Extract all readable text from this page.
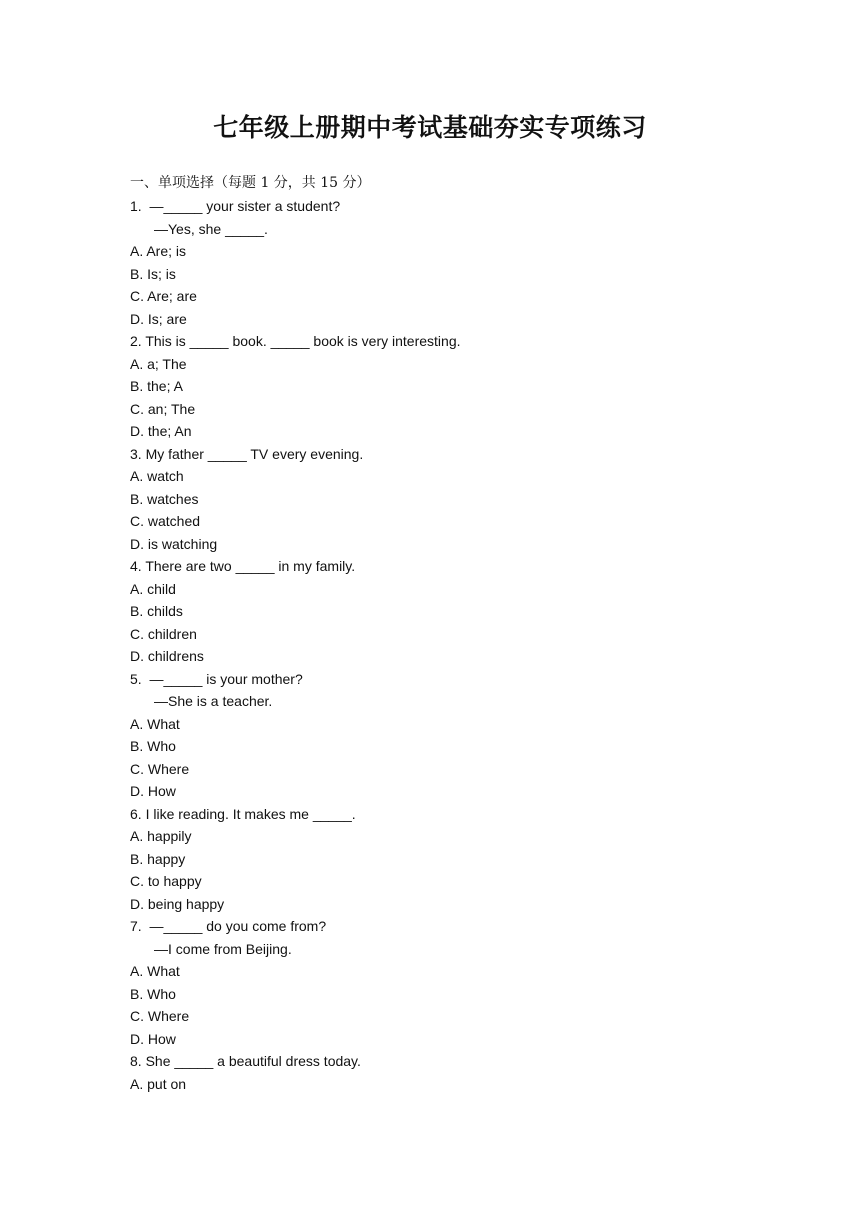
七年级上册期中考试基础夯实专项练习
一、单项选择（每题 1 分，共 15 分）
1.  —_____ your sister a student?
—Yes, she _____.
A. Are; is
B. Is; is
C. Are; are
D. Is; are
2. This is _____ book. _____ book is very interesting.
A. a; The
B. the; A
C. an; The
D. the; An
3. My father _____ TV every evening.
A. watch
B. watches
C. watched
D. is watching
4. There are two _____ in my family.
A. child
B. childs
C. children
D. childrens
5.  —_____ is your mother?
—She is a teacher.
A. What
B. Who
C. Where
D. How
6. I like reading. It makes me _____.
A. happily
B. happy
C. to happy
D. being happy
7.  —_____ do you come from?
—I come from Beijing.
A. What
B. Who
C. Where
D. How
8. She _____ a beautiful dress today.
A. put on
